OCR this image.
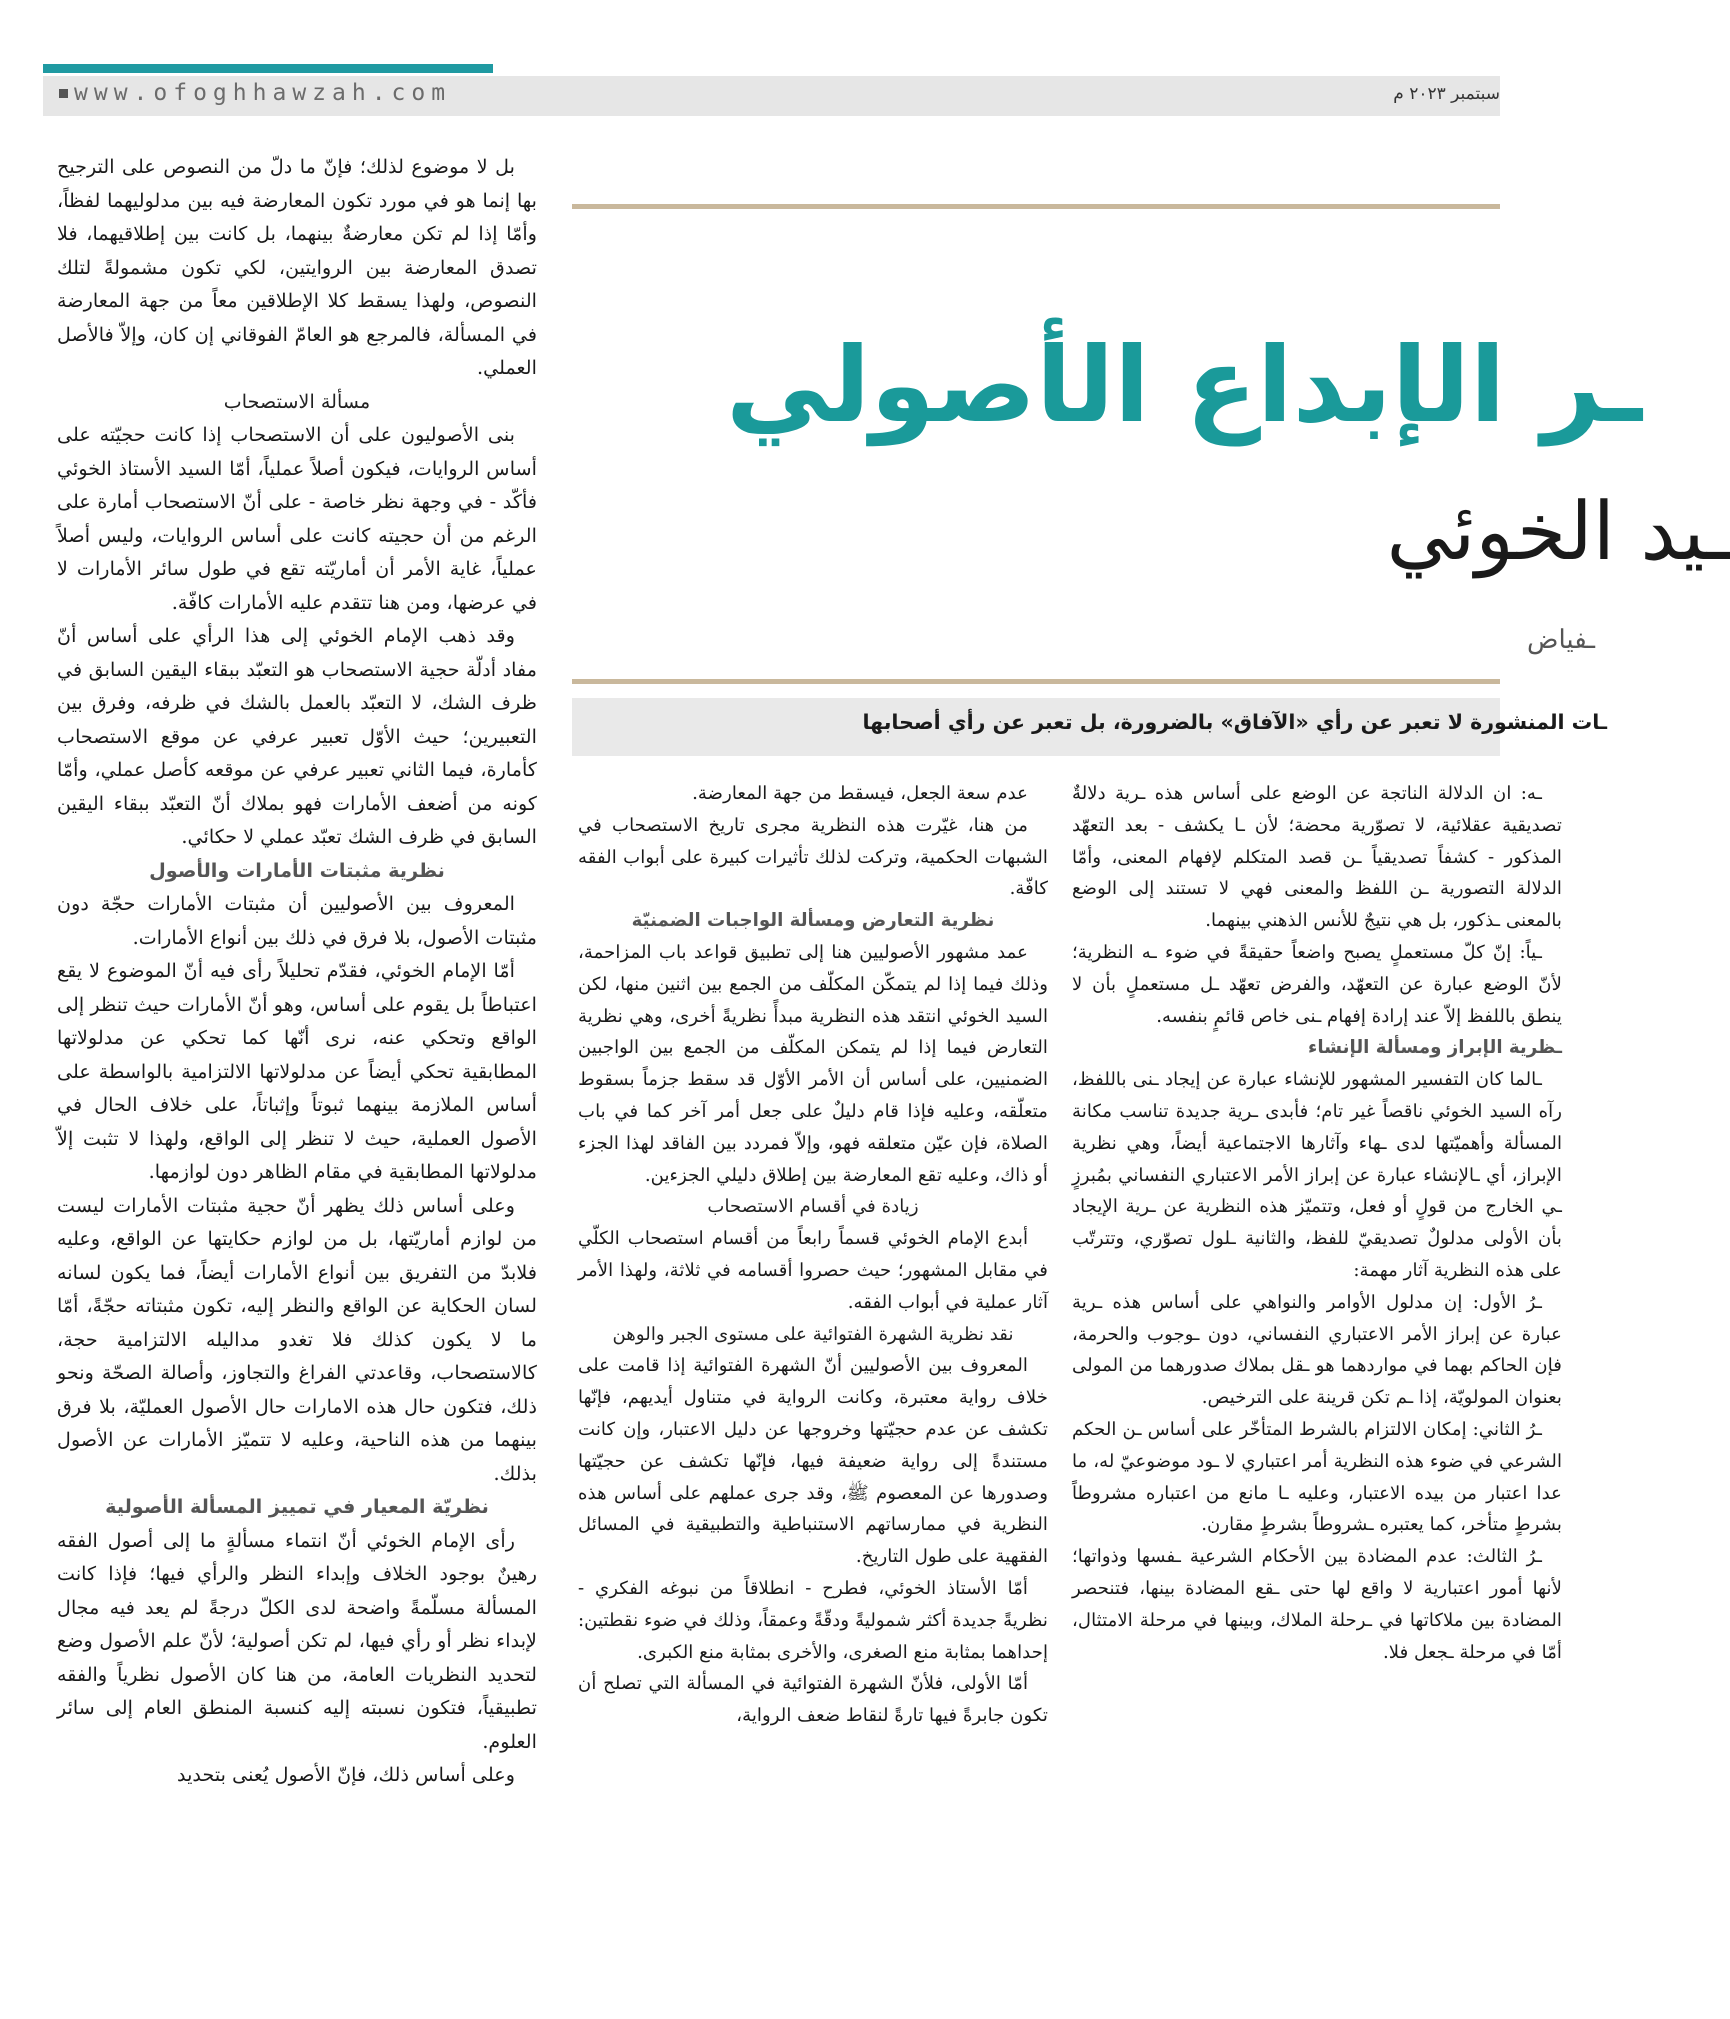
www.ofoghhawzah.com	سبتمبر ٢٠٢٣ م

بل لا موضوع لذلك؛ فإنّ ما دلّ من النصوص على الترجيح بها إنما هو في مورد تكون المعارضة فيه بين مدلوليهما لفظاً، وأمّا إذا لم تكن معارضةٌ بينهما، بل كانت بين إطلاقيهما، فلا تصدق المعارضة بين الروايتين، لكي تكون مشمولةً لتلك النصوص، ولهذا يسقط كلا الإطلاقين معاً من جهة المعارضة في المسألة، فالمرجع هو العامّ الفوقاني إن كان، وإلاّ فالأصل العملي.

مسألة الاستصحاب

بنى الأصوليون على أن الاستصحاب إذا كانت حجيّته على أساس الروايات، فيكون أصلاً عملياً، أمّا السيد الأستاذ الخوئي فأكّد - في وجهة نظر خاصة - على أنّ الاستصحاب أمارة على الرغم من أن حجيته كانت على أساس الروايات، وليس أصلاً عملياً، غاية الأمر أن أماريّته تقع في طول سائر الأمارات لا في عرضها، ومن هنا تتقدم عليه الأمارات كافّة.

وقد ذهب الإمام الخوئي إلى هذا الرأي على أساس أنّ مفاد أدلّة حجية الاستصحاب هو التعبّد ببقاء اليقين السابق في ظرف الشك، لا التعبّد بالعمل بالشك في ظرفه، وفرق بين التعبيرين؛ حيث الأوّل تعبير عرفي عن موقع الاستصحاب كأمارة، فيما الثاني تعبير عرفي عن موقعه كأصل عملي، وأمّا كونه من أضعف الأمارات فهو بملاك أنّ التعبّد ببقاء اليقين السابق في ظرف الشك تعبّد عملي لا حكائي.

نظرية مثبتات الأمارات والأصول

المعروف بين الأصوليين أن مثبتات الأمارات حجّة دون مثبتات الأصول، بلا فرق في ذلك بين أنواع الأمارات.

أمّا الإمام الخوئي، فقدّم تحليلاً رأى فيه أنّ الموضوع لا يقع اعتباطاً بل يقوم على أساس، وهو أنّ الأمارات حيث تنظر إلى الواقع وتحكي عنه، نرى أنّها كما تحكي عن مدلولاتها المطابقية تحكي أيضاً عن مدلولاتها الالتزامية بالواسطة على أساس الملازمة بينهما ثبوتاً وإثباتاً، على خلاف الحال في الأصول العملية، حيث لا تنظر إلى الواقع، ولهذا لا تثبت إلاّ مدلولاتها المطابقية في مقام الظاهر دون لوازمها.

وعلى أساس ذلك يظهر أنّ حجية مثبتات الأمارات ليست من لوازم أماريّتها، بل من لوازم حكايتها عن الواقع، وعليه فلابدّ من التفريق بين أنواع الأمارات أيضاً، فما يكون لسانه لسان الحكاية عن الواقع والنظر إليه، تكون مثبتاته حجّةً، أمّا ما لا يكون كذلك فلا تغدو مداليله الالتزامية حجة، كالاستصحاب، وقاعدتي الفراغ والتجاوز، وأصالة الصحّة ونحو ذلك، فتكون حال هذه الامارات حال الأصول العمليّة، بلا فرق بينهما من هذه الناحية، وعليه لا تتميّز الأمارات عن الأصول بذلك.

نظريّة المعيار في تمييز المسألة الأصولية

رأى الإمام الخوئي أنّ انتماء مسألةٍ ما إلى أصول الفقه رهينٌ بوجود الخلاف وإبداء النظر والرأي فيها؛ فإذا كانت المسألة مسلّمةً واضحة لدى الكلّ درجةً لم يعد فيه مجال لإبداء نظر أو رأي فيها، لم تكن أصولية؛ لأنّ علم الأصول وضع لتحديد النظريات العامة، من هنا كان الأصول نظرياً والفقه تطبيقياً، فتكون نسبته إليه كنسبة المنطق العام إلى سائر العلوم.

وعلى أساس ذلك، فإنّ الأصول يُعنى بتحديد

ـر الإبداع الأصولي
ـيد الخوئي
ـفياض
ـات المنشورة لا تعبر عن رأي «الآفاق» بالضرورة، بل تعبر عن رأي أصحابها

عدم سعة الجعل، فيسقط من جهة المعارضة.

من هنا، غيّرت هذه النظرية مجرى تاريخ الاستصحاب في الشبهات الحكمية، وتركت لذلك تأثيرات كبيرة على أبواب الفقه كافّة.

نظرية التعارض ومسألة الواجبات الضمنيّة

عمد مشهور الأصوليين هنا إلى تطبيق قواعد باب المزاحمة، وذلك فيما إذا لم يتمكّن المكلّف من الجمع بين اثنين منها، لكن السيد الخوئي انتقد هذه النظرية مبدأً نظريةً أخرى، وهي نظرية التعارض فيما إذا لم يتمكن المكلّف من الجمع بين الواجبين الضمنيين، على أساس أن الأمر الأوّل قد سقط جزماً بسقوط متعلّقه، وعليه فإذا قام دليلٌ على جعل أمر آخر كما في باب الصلاة، فإن عيّن متعلقه فهو، وإلاّ فمردد بين الفاقد لهذا الجزء أو ذاك، وعليه تقع المعارضة بين إطلاق دليلي الجزءين.

زيادة في أقسام الاستصحاب

أبدع الإمام الخوئي قسماً رابعاً من أقسام استصحاب الكلّي في مقابل المشهور؛ حيث حصروا أقسامه في ثلاثة، ولهذا الأمر آثار عملية في أبواب الفقه.

نقد نظرية الشهرة الفتوائية على مستوى الجبر والوهن

المعروف بين الأصوليين أنّ الشهرة الفتوائية إذا قامت على خلاف رواية معتبرة، وكانت الرواية في متناول أيديهم، فإنّها تكشف عن عدم حجيّتها وخروجها عن دليل الاعتبار، وإن كانت مستندةً إلى رواية ضعيفة فيها، فإنّها تكشف عن حجيّتها وصدورها عن المعصوم ﷺ، وقد جرى عملهم على أساس هذه النظرية في ممارساتهم الاستنباطية والتطبيقية في المسائل الفقهية على طول التاريخ.

أمّا الأستاذ الخوئي، فطرح - انطلاقاً من نبوغه الفكري - نظريةً جديدة أكثر شموليةً ودقّةً وعمقاً، وذلك في ضوء نقطتين: إحداهما بمثابة منع الصغرى، والأخرى بمثابة منع الكبرى.

أمّا الأولى، فلأنّ الشهرة الفتوائية في المسألة التي تصلح أن تكون جابرةً فيها تارةً لنقاط ضعف الرواية،

ـه: ان الدلالة الناتجة عن الوضع على أساس هذه ـرية دلالةٌ تصديقية عقلائية، لا تصوّرية محضة؛ لأن ـا يكشف - بعد التعهّد المذكور - كشفاً تصديقياً ـن قصد المتكلم لإفهام المعنى، وأمّا الدلالة التصورية ـن اللفظ والمعنى فهي لا تستند إلى الوضع بالمعنى ـذكور، بل هي نتيجٌ للأنس الذهني بينهما.

ـياً: إنّ كلّ مستعملٍ يصبح واضعاً حقيقةً في ضوء ـه النظرية؛ لأنّ الوضع عبارة عن التعهّد، والفرض تعهّد ـل مستعملٍ بأن لا ينطق باللفظ إلاّ عند إرادة إفهام ـنى خاص قائمٍ بنفسه.

ـظرية الإبراز ومسألة الإنشاء

ـالما كان التفسير المشهور للإنشاء عبارة عن إيجاد ـنى باللفظ، رآه السيد الخوئي ناقصاً غير تام؛ فأبدى ـرية جديدة تناسب مكانة المسألة وأهميّتها لدى ـهاء وآثارها الاجتماعية أيضاً، وهي نظرية الإبراز، أي ـالإنشاء عبارة عن إبراز الأمر الاعتباري النفساني بمُبرزٍ ـي الخارج من قولٍ أو فعل، وتتميّز هذه النظرية عن ـرية الإيجاد بأن الأولى مدلولٌ تصديقيّ للفظ، والثانية ـلول تصوّري، وتترتّب على هذه النظرية آثار مهمة:

ـرُ الأول: إن مدلول الأوامر والنواهي على أساس هذه ـرية عبارة عن إبراز الأمر الاعتباري النفساني، دون ـوجوب والحرمة، فإن الحاكم بهما في مواردهما هو ـقل بملاك صدورهما من المولى بعنوان المولويّة، إذا ـم تكن قرينة على الترخيص.

ـرُ الثاني: إمكان الالتزام بالشرط المتأخّر على أساس ـن الحكم الشرعي في ضوء هذه النظرية أمر اعتباري لا ـود موضوعيّ له، ما عدا اعتبار من بيده الاعتبار، وعليه ـا مانع من اعتباره مشروطاً بشرطٍ متأخر، كما يعتبره ـشروطاً بشرطٍ مقارن.

ـرُ الثالث: عدم المضادة بين الأحكام الشرعية ـفسها وذواتها؛ لأنها أمور اعتبارية لا واقع لها حتى ـقع المضادة بينها، فتنحصر المضادة بين ملاكاتها في ـرحلة الملاك، وبينها في مرحلة الامتثال، أمّا في مرحلة ـجعل فلا.
